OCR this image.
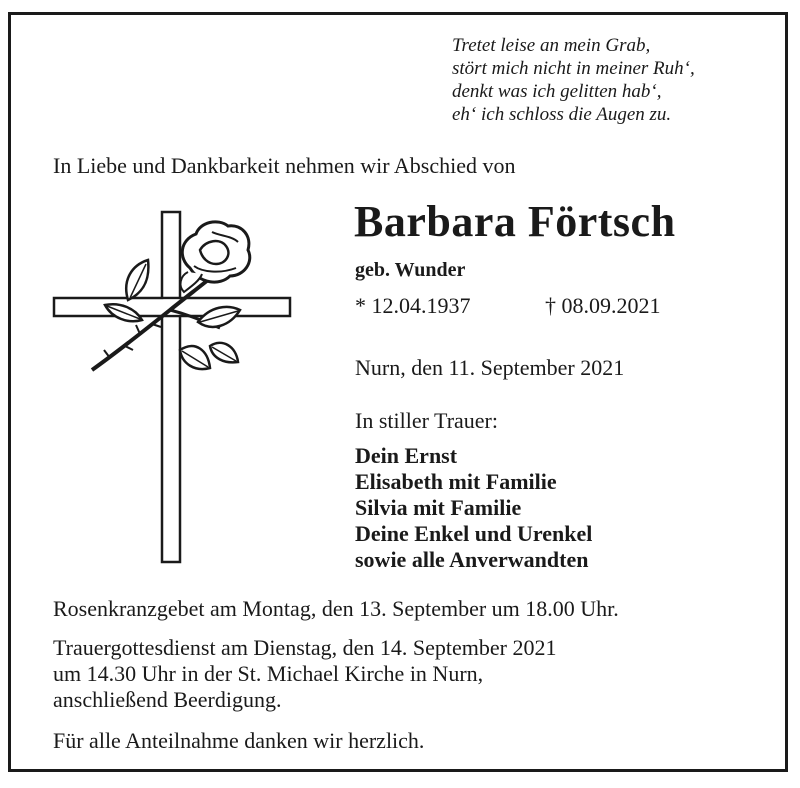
Tretet leise an mein Grab,
stört mich nicht in meiner Ruh‘,
denkt was ich gelitten hab‘,
eh‘ ich schloss die Augen zu.
In Liebe und Dankbarkeit nehmen wir Abschied von
Barbara Förtsch
geb. Wunder
* 12.04.1937	† 08.09.2021
Nurn, den 11. September 2021
In stiller Trauer:
Dein Ernst
Elisabeth mit Familie
Silvia mit Familie
Deine Enkel und Urenkel
sowie alle Anverwandten
Rosenkranzgebet am Montag, den 13. September um 18.00 Uhr.
Trauergottesdienst am Dienstag, den 14. September 2021
um 14.30 Uhr in der St. Michael Kirche in Nurn,
anschließend Beerdigung.
Für alle Anteilnahme danken wir herzlich.
